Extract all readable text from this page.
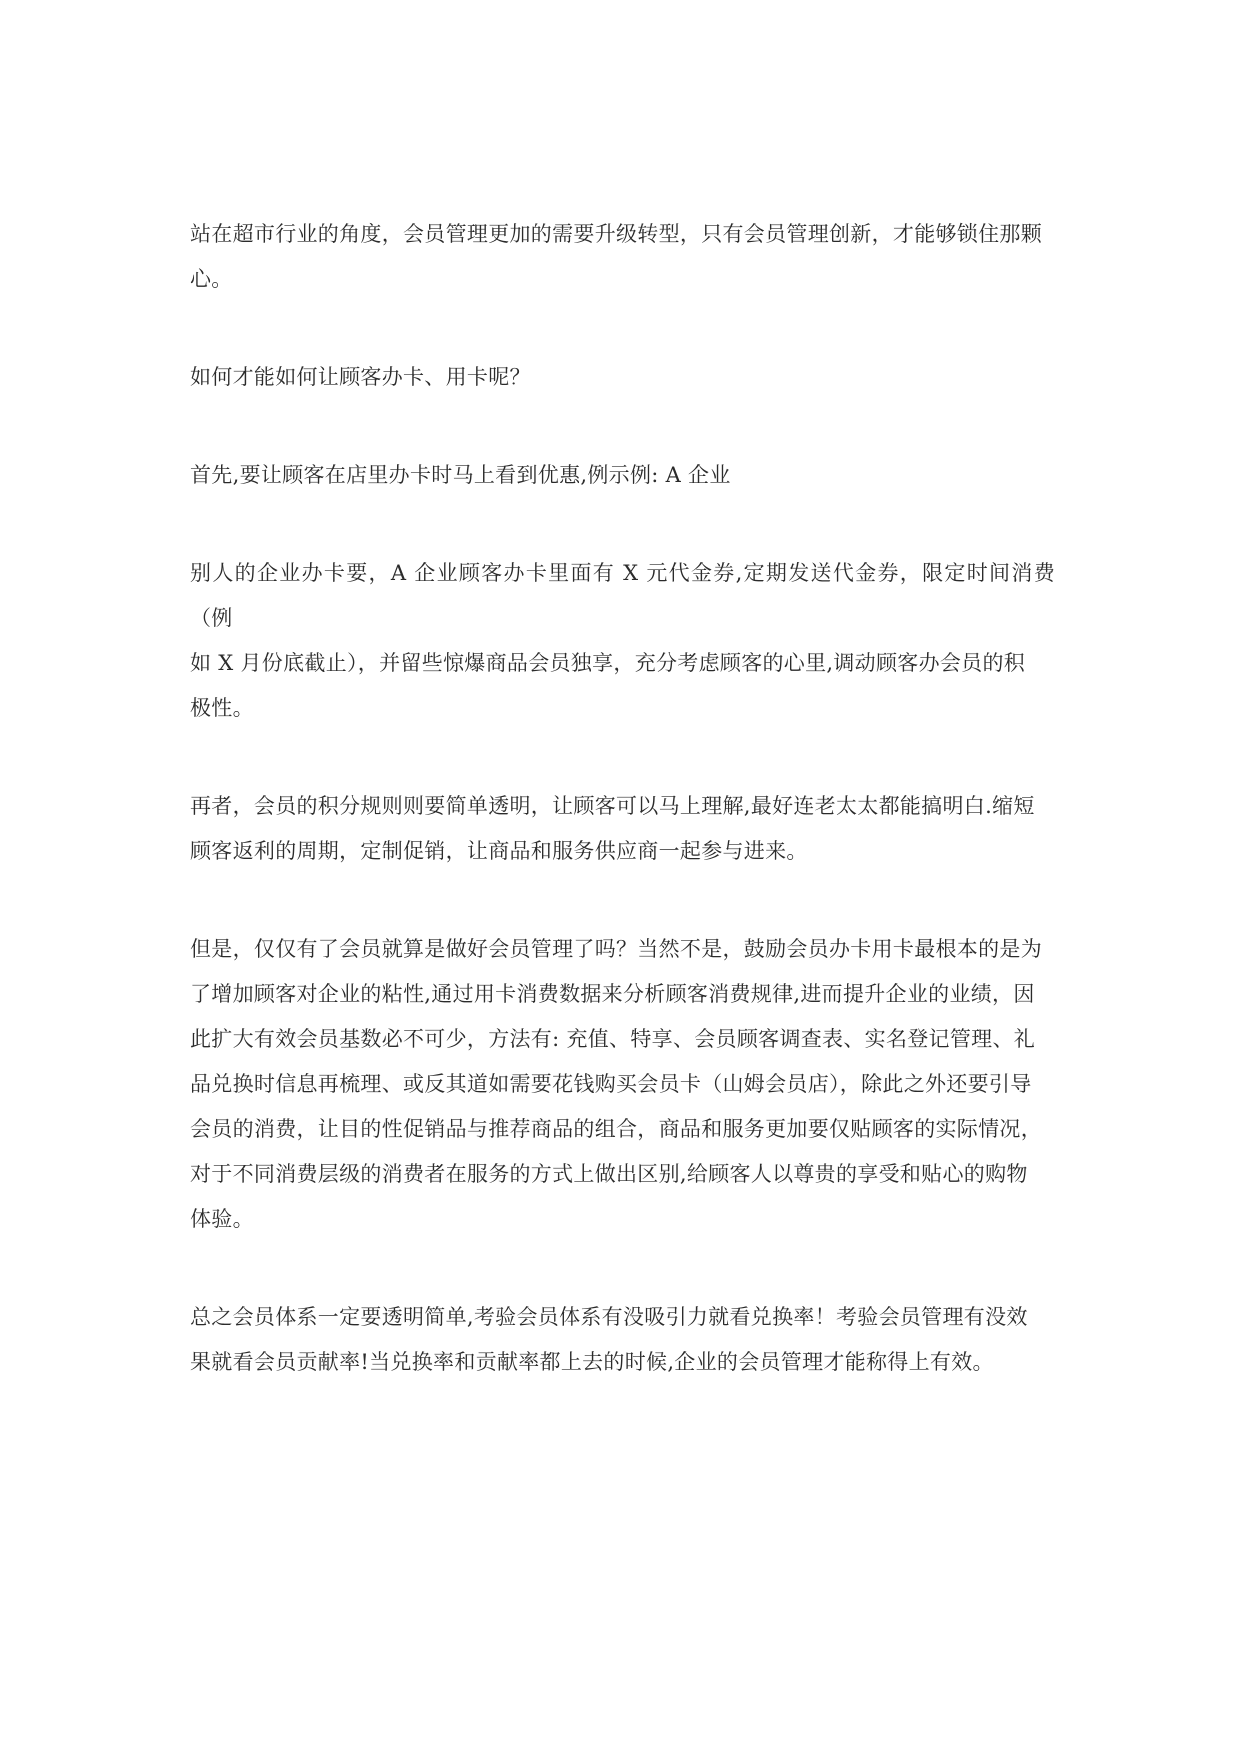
站在超市行业的角度，会员管理更加的需要升级转型，只有会员管理创新，才能够锁住那颗
心。

如何才能如何让顾客办卡、用卡呢？

首先,要让顾客在店里办卡时马上看到优惠,例示例: A 企业

别人的企业办卡要，A 企业顾客办卡里面有 X 元代金券,定期发送代金券，限定时间消费（例
如 X 月份底截止），并留些惊爆商品会员独享，充分考虑顾客的心里,调动顾客办会员的积
极性。

再者，会员的积分规则则要简单透明，让顾客可以马上理解,最好连老太太都能搞明白.缩短
顾客返利的周期，定制促销，让商品和服务供应商一起参与进来。

但是，仅仅有了会员就算是做好会员管理了吗？当然不是，鼓励会员办卡用卡最根本的是为
了增加顾客对企业的粘性,通过用卡消费数据来分析顾客消费规律,进而提升企业的业绩，因
此扩大有效会员基数必不可少，方法有: 充值、特享、会员顾客调查表、实名登记管理、礼
品兑换时信息再梳理、或反其道如需要花钱购买会员卡（山姆会员店），除此之外还要引导
会员的消费，让目的性促销品与推荐商品的组合，商品和服务更加要仅贴顾客的实际情况，
对于不同消费层级的消费者在服务的方式上做出区别,给顾客人以尊贵的享受和贴心的购物
体验。

总之会员体系一定要透明简单,考验会员体系有没吸引力就看兑换率！考验会员管理有没效
果就看会员贡献率!当兑换率和贡献率都上去的时候,企业的会员管理才能称得上有效。
